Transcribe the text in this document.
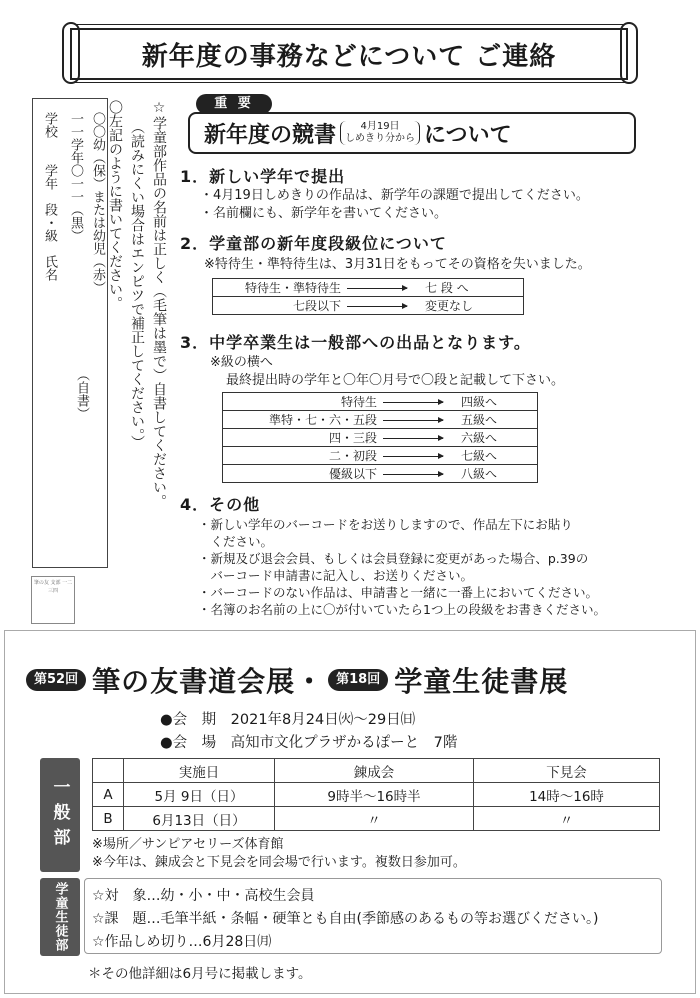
新年度の事務などについて ご連絡
〇〇幼（保）または幼児（赤）
一一学年〇一一（黒）
学校　　学年　段・級　氏名
（自書）
筆の友 支部 一二三四
☆学童部作品の名前は正しく（毛筆は墨で）自書してください。
（読みにくい場合はエンピツで補正してください。）
〇左記のように書いてください。	新年度の競書	4月19日
しめきり分から について
重 要
1．新しい学年で提出
・4月19日しめきりの作品は、新学年の課題で提出してください。
・名前欄にも、新学年を書いてください。
2．学童部の新年度段級位について
※特待生・準特待生は、3月31日をもってその資格を失いました。
特待生・準特待生	七 段 へ
七段以下	変更なし
3．中学卒業生は一般部への出品となります。
※級の横へ
最終提出時の学年と〇年〇月号で〇段と記載して下さい。
特待生	四級へ
準特・七・六・五段	五級へ
四・三段	六級へ
二・初段	七級へ
優級以下	八級へ
4．その他
・新しい学年のバーコードをお送りしますので、作品左下にお貼り
　ください。
・新規及び退会会員、もしくは会員登録に変更があった場合、p.39の
　バーコード申請書に記入し、お送りください。
・バーコードのない作品は、申請書と一緒に一番上においてください。
・名簿のお名前の上に〇が付いていたら1つ上の段級をお書きください。
第52回 筆の友書道会展・ 第18回 学童生徒書展
●会　期　 2021年8月24日㈫〜29日㈰
●会　場　 高知市文化プラザかるぽーと　7階
一般部
	実施日	錬成会	下見会
A	5月 9日（日）	9時半〜16時半	14時〜16時
B	6月13日（日）	〃	〃
※場所／サンピアセリーズ体育館
※今年は、錬成会と下見会を同会場で行います。複数日参加可。
学童生徒部	☆対　象…幼・小・中・高校生会員
☆課　題…毛筆半紙・条幅・硬筆とも自由(季節感のあるもの等お選びください。)
☆作品しめ切り…6月28日㈪
＊その他詳細は6月号に掲載します。
